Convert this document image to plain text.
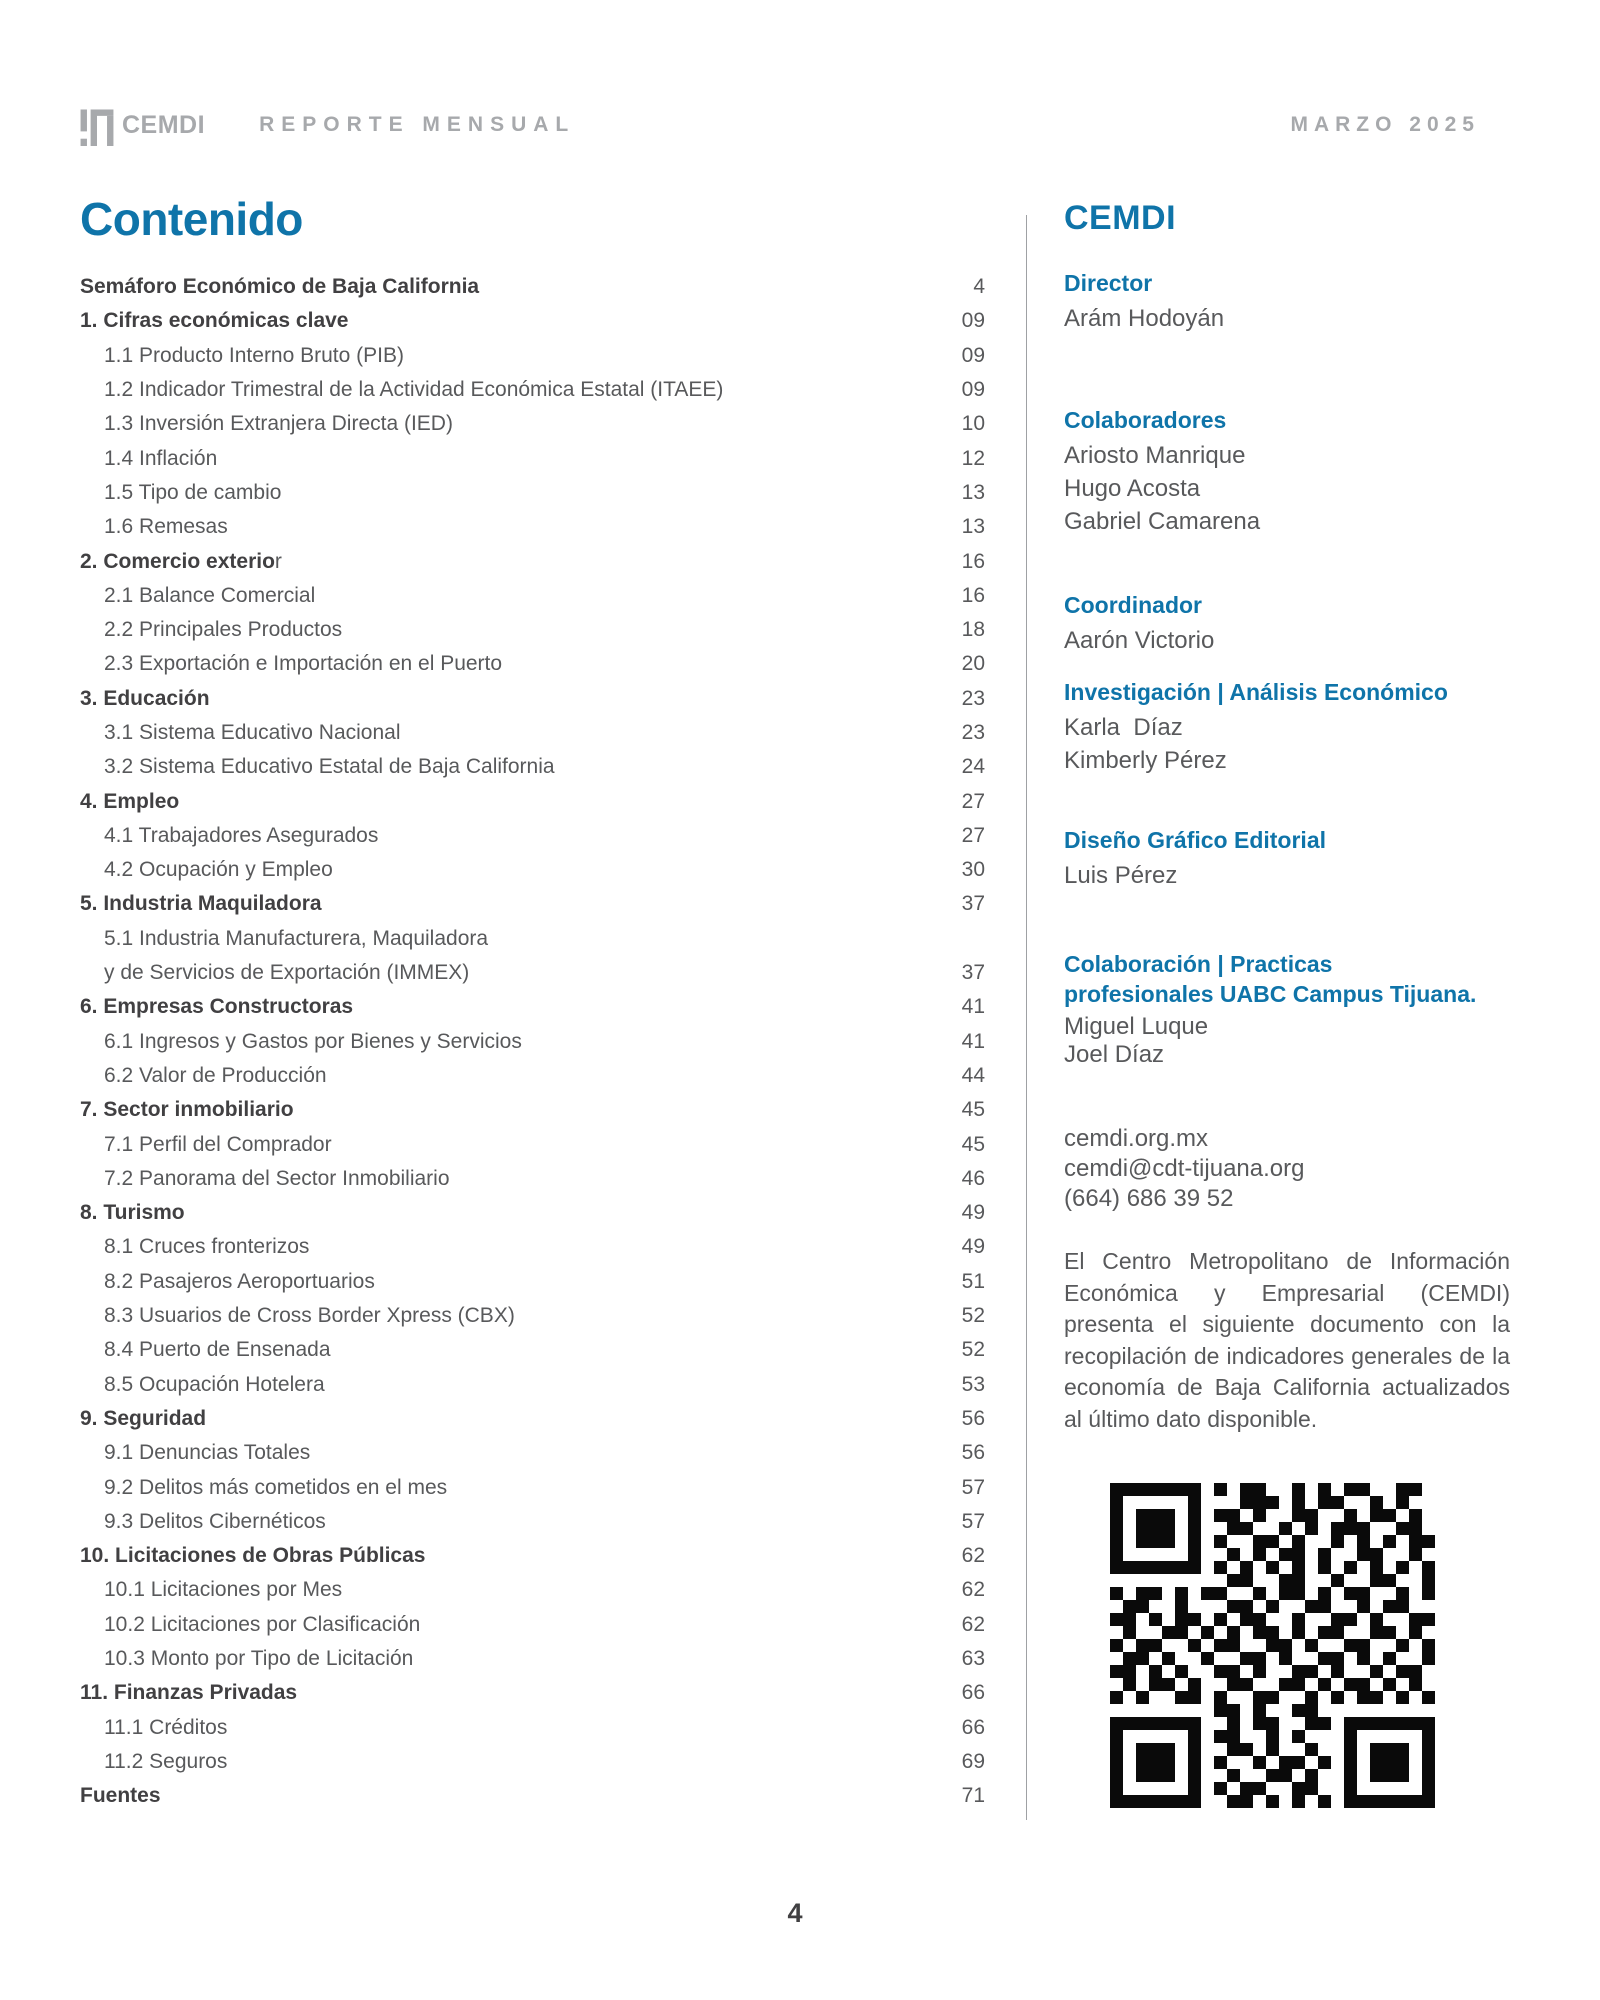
CEMDI	REPORTE MENSUAL	MARZO 2025
Contenido
Semáforo Económico de Baja California	4
1. Cifras económicas clave	09
1.1 Producto Interno Bruto (PIB)	09
1.2 Indicador Trimestral de la Actividad Económica Estatal (ITAEE)	09
1.3 Inversión Extranjera Directa (IED)	10
1.4 Inflación	12
1.5 Tipo de cambio	13
1.6 Remesas	13
2. Comercio exterior	16
2.1 Balance Comercial	16
2.2 Principales Productos	18
2.3 Exportación e Importación en el Puerto	20
3. Educación	23
3.1 Sistema Educativo Nacional	23
3.2 Sistema Educativo Estatal de Baja California	24
4. Empleo	27
4.1 Trabajadores Asegurados	27
4.2 Ocupación y Empleo	30
5. Industria Maquiladora	37
5.1 Industria Manufacturera, Maquiladora
y de Servicios de Exportación (IMMEX)	37
6. Empresas Constructoras	41
6.1 Ingresos y Gastos por Bienes y Servicios	41
6.2 Valor de Producción	44
7. Sector inmobiliario	45
7.1 Perfil del Comprador	45
7.2 Panorama del Sector Inmobiliario	46
8. Turismo	49
8.1 Cruces fronterizos	49
8.2 Pasajeros Aeroportuarios	51
8.3 Usuarios de Cross Border Xpress (CBX)	52
8.4 Puerto de Ensenada	52
8.5 Ocupación Hotelera	53
9. Seguridad	56
9.1 Denuncias Totales	56
9.2 Delitos más cometidos en el mes	57
9.3 Delitos Cibernéticos	57
10. Licitaciones de Obras Públicas	62
10.1 Licitaciones por Mes	62
10.2 Licitaciones por Clasificación	62
10.3 Monto por Tipo de Licitación	63
11. Finanzas Privadas	66
11.1 Créditos	66
11.2 Seguros	69
Fuentes	71
CEMDI
Director
Arám Hodoyán
Colaboradores
Ariosto Manrique
Hugo Acosta
Gabriel Camarena
Coordinador
Aarón Victorio
Investigación | Análisis Económico
Karla  Díaz
Kimberly Pérez
Diseño Gráfico Editorial
Luis Pérez
Colaboración | Practicas
profesionales UABC Campus Tijuana.
Miguel Luque
Joel Díaz
cemdi.org.mx
cemdi@cdt-tijuana.org
(664) 686 39 52
El Centro Metropolitano de Información Económica y Empresarial (CEMDI) presenta el siguiente documento con la recopilación de indicadores generales de la economía de Baja California actualizados al último dato disponible.
4
